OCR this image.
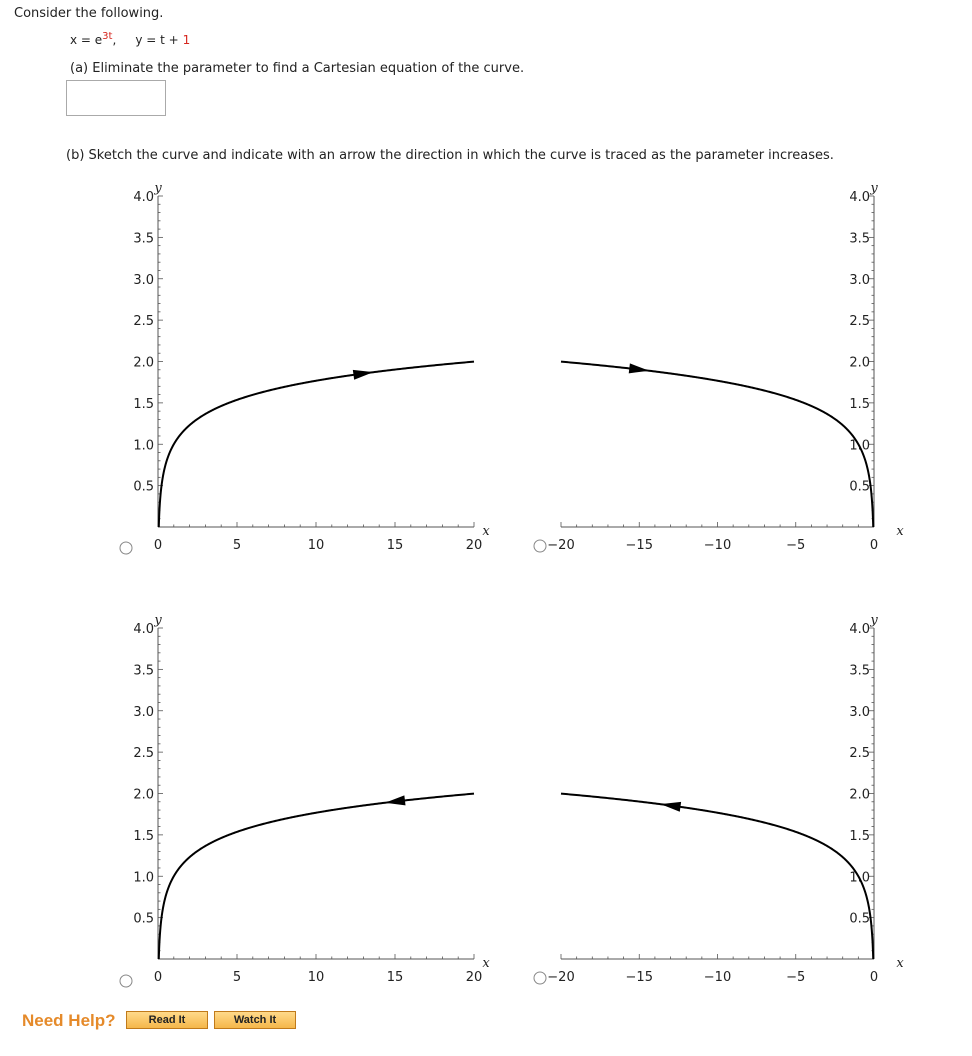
Consider the following.
$x = e^{3t}$, y = t + 1
(a) Eliminate the parameter to find a Cartesian equation of the curve.
(b) Sketch the curve and indicate with an arrow the direction in which the curve is traced as the parameter increases.
0.5
1.0
1.5
2.0
2.5
3.0
3.5
4.0
0	5	10	15	20
y
x
0.5
1.0
1.5
2.0
2.5
3.0
3.5
4.0
−20	−15	−10	−5	0
y
x
0.5
1.0
1.5
2.0
2.5
3.0
3.5
4.0
0	5	10	15	20
y
x
0.5
1.0
1.5
2.0
2.5
3.0
3.5
4.0
−20	−15	−10	−5	0
y
x
Need Help?	Read It	Watch It
